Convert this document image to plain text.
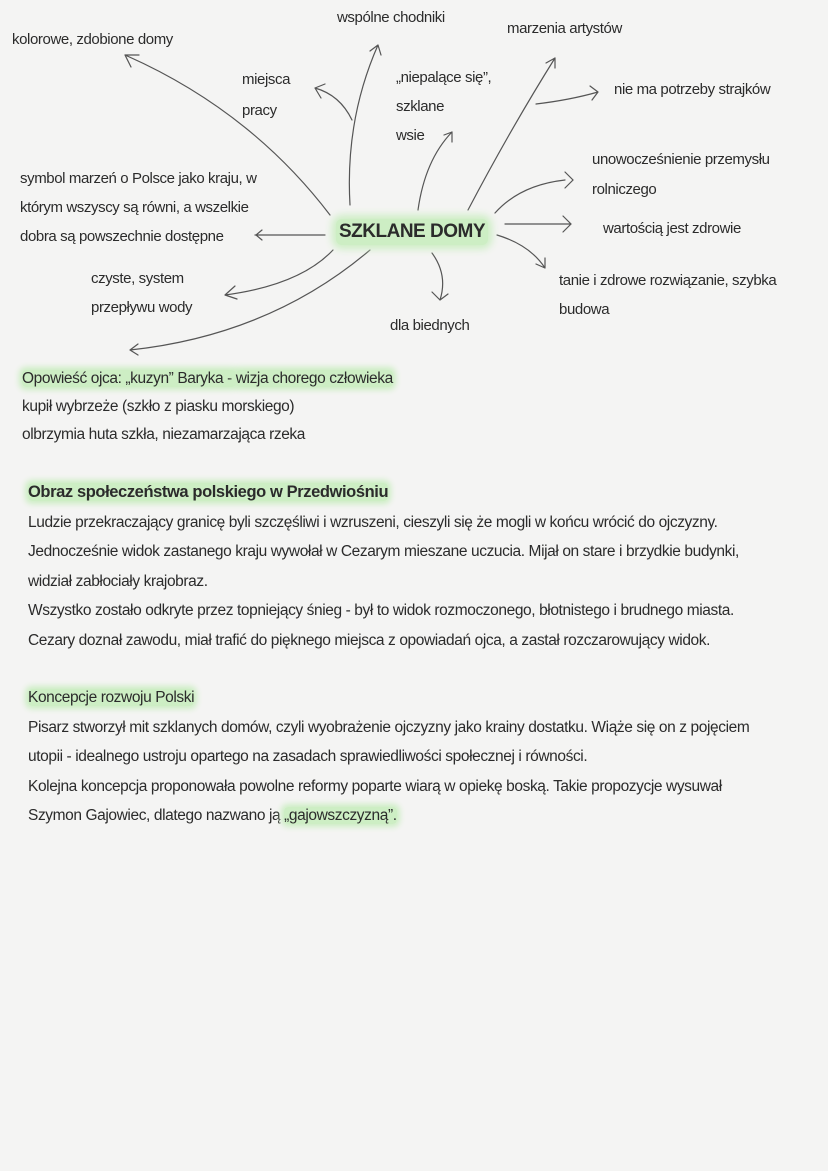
SZKLANE DOMY
kolorowe, zdobione domy
wspólne chodniki
marzenia artystów
miejsca
pracy
„niepalące się”,
szklane
wsie
nie ma potrzeby strajków
symbol marzeń o Polsce jako kraju, w
którym wszyscy są równi, a wszelkie
dobra są powszechnie dostępne
unowocześnienie przemysłu
rolniczego
wartością jest zdrowie
czyste, system
przepływu wody
tanie i zdrowe rozwiązanie, szybka
budowa
dla biednych

Opowieść ojca: „kuzyn” Baryka - wizja chorego człowieka

kupił wybrzeże (szkło z piasku morskiego)

olbrzymia huta szkła, niezamarzająca rzeka

Obraz społeczeństwa polskiego w Przedwiośniu

Ludzie przekraczający granicę byli szczęśliwi i wzruszeni, cieszyli się że mogli w końcu wrócić do ojczyzny.

Jednocześnie widok zastanego kraju wywołał w Cezarym mieszane uczucia. Mijał on stare i brzydkie budynki,

widział zabłociały krajobraz.

Wszystko zostało odkryte przez topniejący śnieg - był to widok rozmoczonego, błotnistego i brudnego miasta.

Cezary doznał zawodu, miał trafić do pięknego miejsca z opowiadań ojca, a zastał rozczarowujący widok.

Koncepcje rozwoju Polski

Pisarz stworzył mit szklanych domów, czyli wyobrażenie ojczyzny jako krainy dostatku. Wiąże się on z pojęciem

utopii - idealnego ustroju opartego na zasadach sprawiedliwości społecznej i równości.

Kolejna koncepcja proponowała powolne reformy poparte wiarą w opiekę boską. Takie propozycje wysuwał

Szymon Gajowiec, dlatego nazwano ją „gajowszczyzną”.
